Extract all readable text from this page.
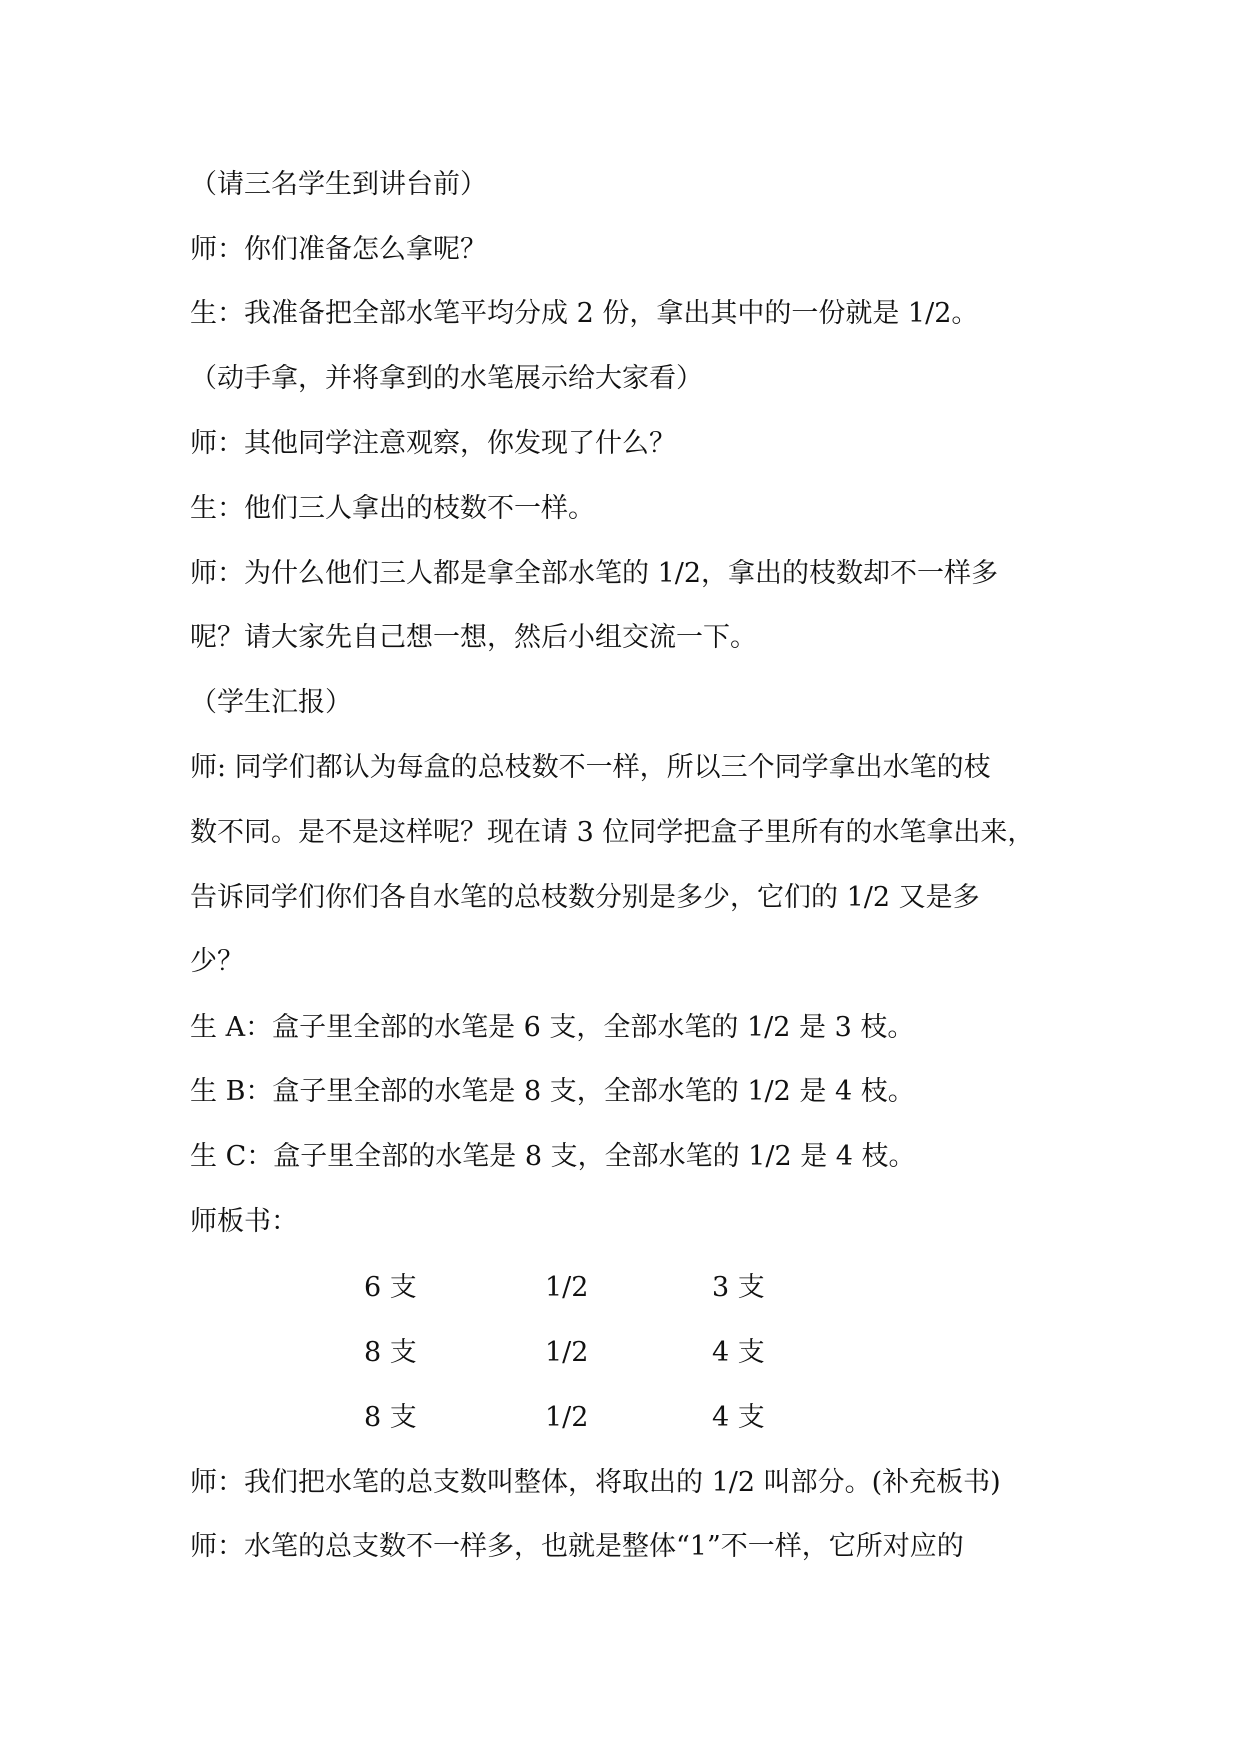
（请三名学生到讲台前）
师：你们准备怎么拿呢？
生：我准备把全部水笔平均分成 2 份，拿出其中的一份就是 1/2。
（动手拿，并将拿到的水笔展示给大家看）
师：其他同学注意观察，你发现了什么？
生：他们三人拿出的枝数不一样。
师：为什么他们三人都是拿全部水笔的 1/2，拿出的枝数却不一样多
呢？请大家先自己想一想，然后小组交流一下。
（学生汇报）
师: 同学们都认为每盒的总枝数不一样，所以三个同学拿出水笔的枝
数不同。是不是这样呢？现在请 3 位同学把盒子里所有的水笔拿出来，
告诉同学们你们各自水笔的总枝数分别是多少，它们的 1/2 又是多
少？
生 A：盒子里全部的水笔是 6 支，全部水笔的 1/2 是 3 枝。
生 B：盒子里全部的水笔是 8 支，全部水笔的 1/2 是 4 枝。
生 C：盒子里全部的水笔是 8 支，全部水笔的 1/2 是 4 枝。
师板书：
6 支	1/2	3 支
8 支	1/2	4 支
8 支	1/2	4 支
师：我们把水笔的总支数叫整体，将取出的 1/2 叫部分。(补充板书)
师：水笔的总支数不一样多，也就是整体“1”不一样，它所对应的
